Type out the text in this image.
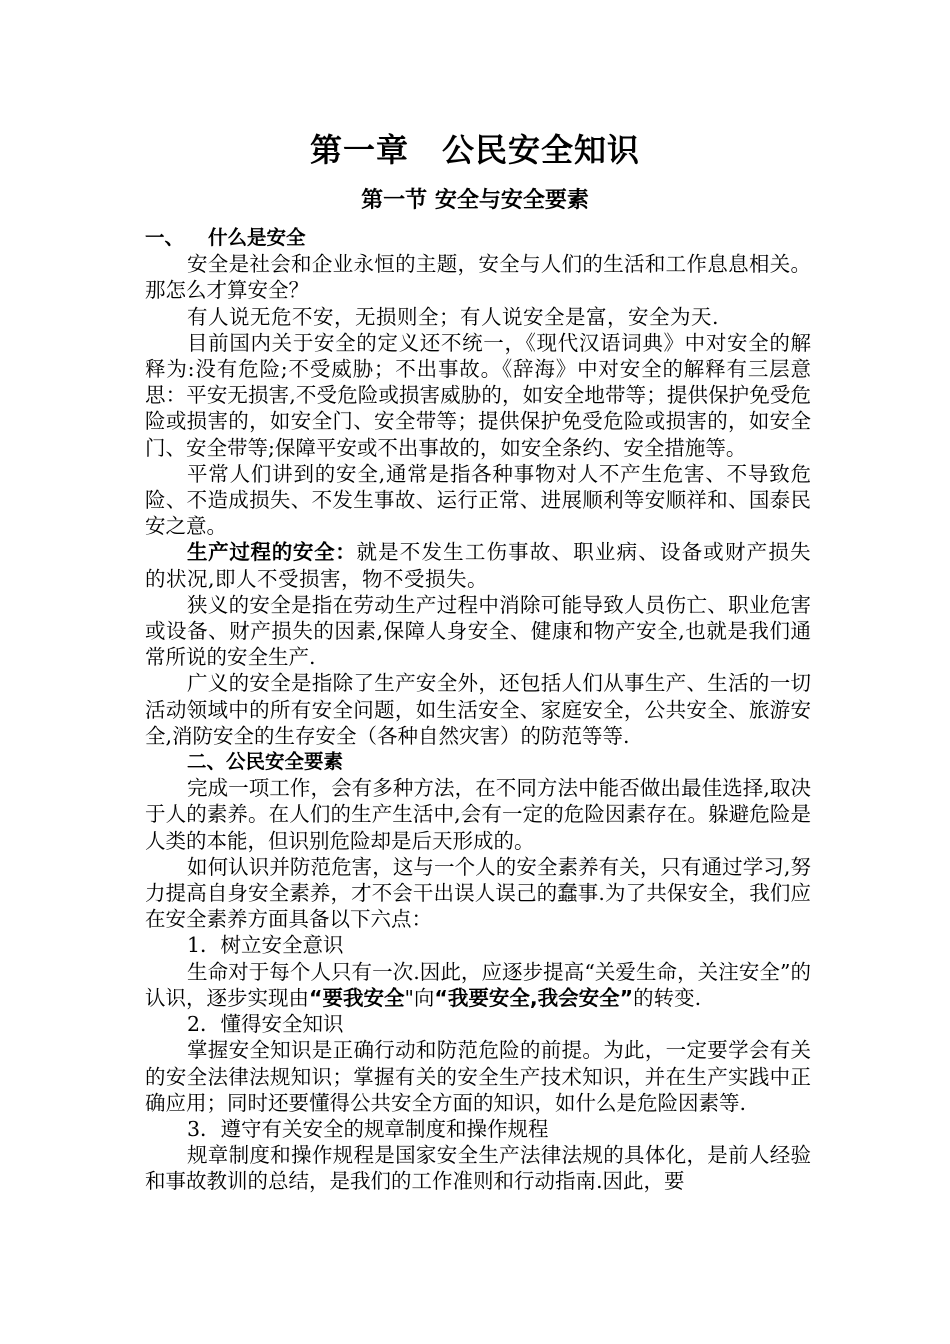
第一章　公民安全知识
第一节 安全与安全要素

一、 什么是安全

安全是社会和企业永恒的主题，安全与人们的生活和工作息息相关。那怎么才算安全？

有人说无危不安，无损则全；有人说安全是富，安全为天.

目前国内关于安全的定义还不统一，《现代汉语词典》中对安全的解释为:没有危险;不受威胁；不出事故。《辞海》中对安全的解释有三层意思：平安无损害,不受危险或损害威胁的，如安全地带等；提供保护免受危险或损害的，如安全门、安全带等；提供保护免受危险或损害的，如安全门、安全带等;保障平安或不出事故的，如安全条约、安全措施等。

平常人们讲到的安全,通常是指各种事物对人不产生危害、不导致危险、不造成损失、不发生事故、运行正常、进展顺利等安顺祥和、国泰民安之意。

生产过程的安全：就是不发生工伤事故、职业病、设备或财产损失的状况,即人不受损害，物不受损失。

狭义的安全是指在劳动生产过程中消除可能导致人员伤亡、职业危害或设备、财产损失的因素,保障人身安全、健康和物产安全,也就是我们通常所说的安全生产.

广义的安全是指除了生产安全外，还包括人们从事生产、生活的一切活动领域中的所有安全问题，如生活安全、家庭安全，公共安全、旅游安全,消防安全的生存安全（各种自然灾害）的防范等等.

二、公民安全要素

完成一项工作，会有多种方法，在不同方法中能否做出最佳选择,取决于人的素养。在人们的生产生活中,会有一定的危险因素存在。躲避危险是人类的本能，但识别危险却是后天形成的。

如何认识并防范危害，这与一个人的安全素养有关，只有通过学习,努力提高自身安全素养，才不会干出误人误己的蠢事.为了共保安全，我们应在安全素养方面具备以下六点：

1．树立安全意识

生命对于每个人只有一次.因此，应逐步提高“关爱生命，关注安全”的认识，逐步实现由“要我安全"向“我要安全,我会安全”的转变.

2．懂得安全知识

掌握安全知识是正确行动和防范危险的前提。为此，一定要学会有关的安全法律法规知识；掌握有关的安全生产技术知识，并在生产实践中正确应用；同时还要懂得公共安全方面的知识，如什么是危险因素等.

3．遵守有关安全的规章制度和操作规程

规章制度和操作规程是国家安全生产法律法规的具体化，是前人经验和事故教训的总结，是我们的工作准则和行动指南.因此，要
